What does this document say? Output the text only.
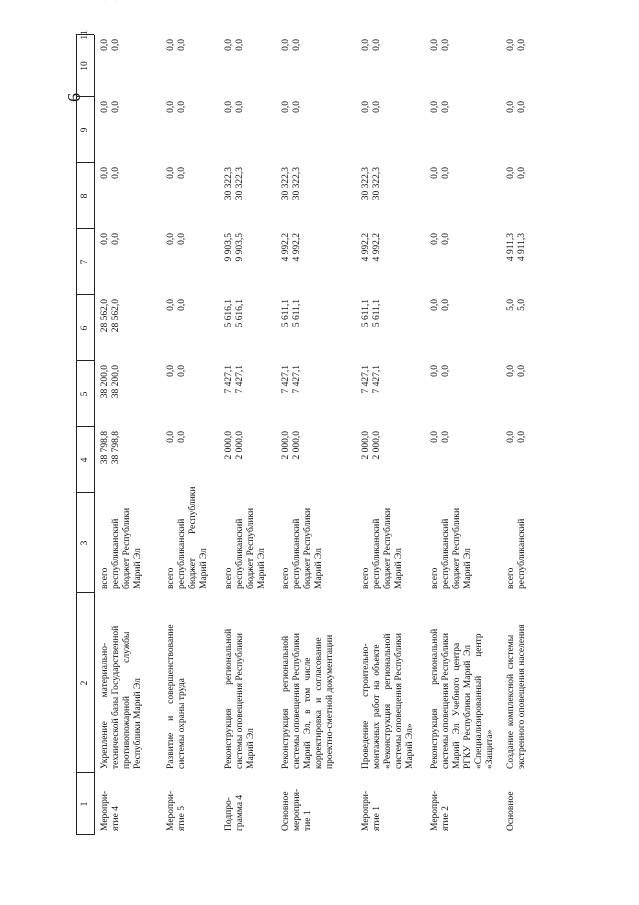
6
1
2
3
4
5
6
7
8
9
10
11
Меропри-
ятие 4
Укрепление          материально-
технической базы Государственной
противопожарной              службы
Республики Марий Эл
всего
республиканский
бюджет Республики
Марий Эл
38 798,8
38 798,8
38 200,0
38 200,0
28 562,0
28 562,0
0,0
0,0
0,0
0,0
0,0
0,0
0,0
0,0
Меропри-
ятие 5
Развитие     и     совершенствование
системы охраны труда
всего
республиканский
бюджет          Республики
Марий Эл
0,0
0,0
0,0
0,0
0,0
0,0
0,0
0,0
0,0
0,0
0,0
0,0
0,0
0,0
Подпро-
грамма 4
Реконструкция          региональной
системы оповещения Республики
Марий Эл
всего
республиканский
бюджет Республики
Марий Эл
2 000,0
2 000,0
7 427,1
7 427,1
5 616,1
5 616,1
9 903,5
9 903,5
30 322,3
30 322,3
0,0
0,0
0,0
0,0
Основное
мероприя-
тие 1
Реконструкция       региональной
системы оповещения Республики
Марий   Эл,   в   том   числе
корректировка   и   согласование
проектно-сметной документации
всего
республиканский
бюджет Республики
Марий Эл
2 000,0
2 000,0
7 427,1
7 427,1
5 611,1
5 611,1
4 992,2
4 992,2
30 322,3
30 322,3
0,0
0,0
0,0
0,0
Меропри-
ятие 1
Проведение          строительно-
монтажных  работ  на  объекте
«Реконструкция      региональной
системы оповещения Республики
Марий Эл»
всего
республиканский
бюджет Республики
Марий Эл
2 000,0
2 000,0
7 427,1
7 427,1
5 611,1
5 611,1
4 992,2
4 992,2
30 322,3
30 322,3
0,0
0,0
0,0
0,0
Меропри-
ятие 2
Реконструкция          региональной
системы оповещения Республики
Марий   Эл   Учебного   центра
РГКУ  Республики  Марий  Эл
«Специализированный        центр
«Защита»
всего
республиканский
бюджет Республики
Марий Эл
0,0
0,0
0,0
0,0
0,0
0,0
0,0
0,0
0,0
0,0
0,0
0,0
0,0
0,0
Основное
Создание  комплексной  системы
экстренного оповещения населения
всего
республиканский
0,0
0,0
0,0
0,0
5,0
5,0
4 911,3
4 911,3
0,0
0,0
0,0
0,0
0,0
0,0
